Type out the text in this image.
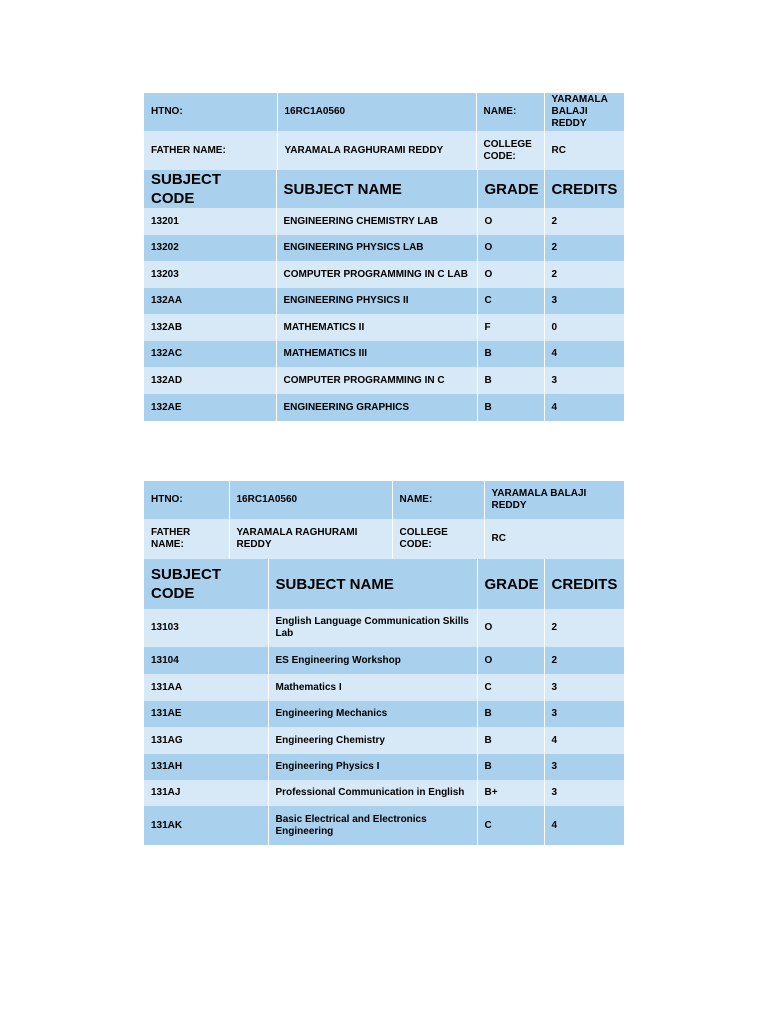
HTNO:	16RC1A0560	NAME:	YARAMALA BALAJI REDDY
FATHER NAME:	YARAMALA RAGHURAMI REDDY	COLLEGE CODE:	RC
SUBJECT CODE	SUBJECT NAME	GRADE	CREDITS
13201	ENGINEERING CHEMISTRY LAB	O	2
13202	ENGINEERING PHYSICS LAB	O	2
13203	COMPUTER PROGRAMMING IN C LAB	O	2
132AA	ENGINEERING PHYSICS II	C	3
132AB	MATHEMATICS II	F	0
132AC	MATHEMATICS III	B	4
132AD	COMPUTER PROGRAMMING IN C	B	3
132AE	ENGINEERING GRAPHICS	B	4
HTNO:	16RC1A0560	NAME:	YARAMALA BALAJI REDDY
FATHER NAME:	YARAMALA RAGHURAMI REDDY	COLLEGE CODE:	RC
SUBJECT CODE	SUBJECT NAME	GRADE	CREDITS
13103	English Language Communication Skills Lab	O	2
13104	ES Engineering Workshop	O	2
131AA	Mathematics I	C	3
131AE	Engineering Mechanics	B	3
131AG	Engineering Chemistry	B	4
131AH	Engineering Physics I	B	3
131AJ	Professional Communication in English	B+	3
131AK	Basic Electrical and Electronics Engineering	C	4
